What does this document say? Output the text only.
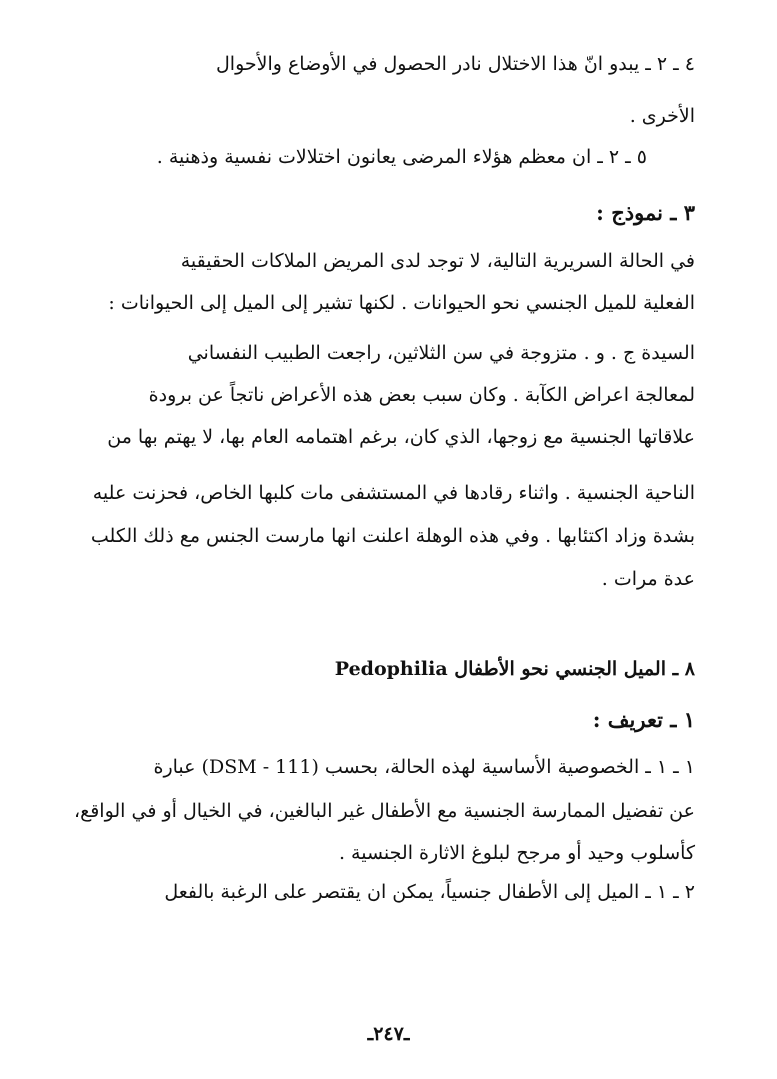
٤ ـ ٢ ـ يبدو انّ هذا الاختلال نادر الحصول في الأوضاع والأحوال
الأخرى .
٥ ـ ٢ ـ ان معظم هؤلاء المرضى يعانون اختلالات نفسية وذهنية .
٣ ـ نموذج :
في الحالة السريرية التالية، لا توجد لدى المريض الملاكات الحقيقية
الفعلية للميل الجنسي نحو الحيوانات . لكنها تشير إلى الميل إلى الحيوانات :
السيدة ج . و . متزوجة في سن الثلاثين، راجعت الطبيب النفساني
لمعالجة اعراض الكآبة . وكان سبب بعض هذه الأعراض ناتجاً عن برودة
علاقاتها الجنسية مع زوجها، الذي كان، برغم اهتمامه العام بها، لا يهتم بها من
الناحية الجنسية . واثناء رقادها في المستشفى مات كلبها الخاص، فحزنت عليه
بشدة وزاد اكتئابها . وفي هذه الوهلة اعلنت انها مارست الجنس مع ذلك الكلب
عدة مرات .
٨ ـ الميل الجنسي نحو الأطفال Pedophilia
١ ـ تعريف :
١ ـ ١ ـ الخصوصية الأساسية لهذه الحالة، بحسب (DSM - 111) عبارة
عن تفضيل الممارسة الجنسية مع الأطفال غير البالغين، في الخيال أو في الواقع،
كأسلوب وحيد أو مرجح لبلوغ الاثارة الجنسية .
٢ ـ ١ ـ الميل إلى الأطفال جنسياً، يمكن ان يقتصر على الرغبة بالفعل
ـ٢٤٧ـ
